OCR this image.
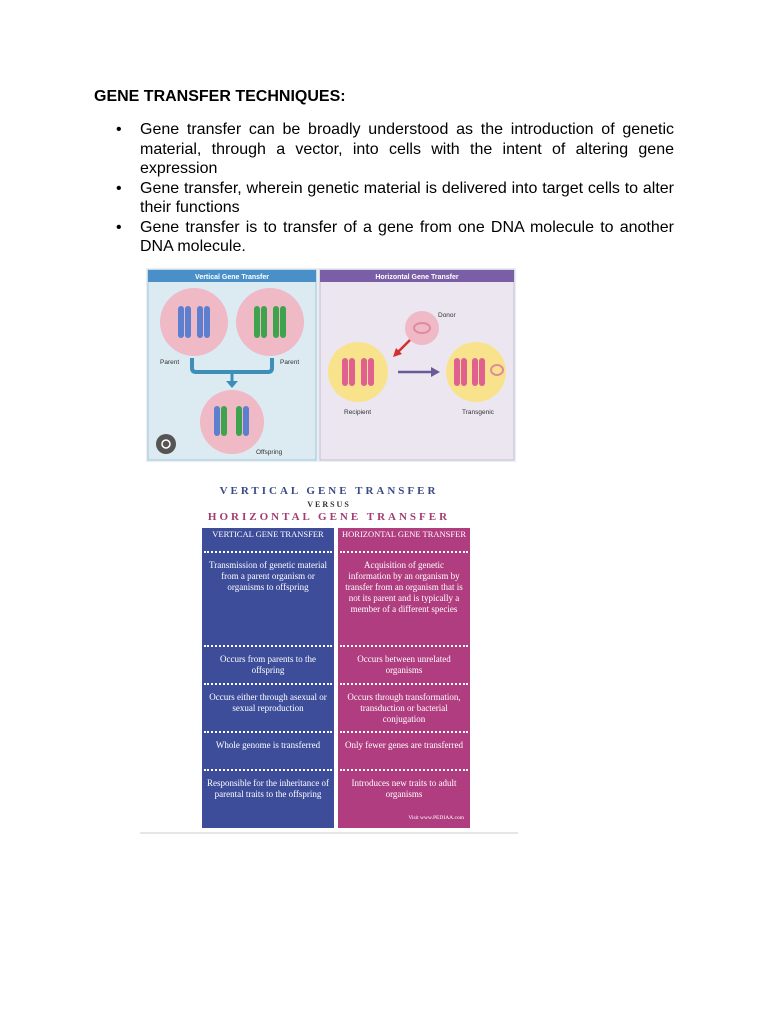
GENE TRANSFER TECHNIQUES:

• Gene transfer can be broadly understood as the introduction of genetic material, through a vector, into cells with the intent of altering gene expression
• Gene transfer, wherein genetic material is delivered into target cells to alter their functions
• Gene transfer is to transfer of a gene from one DNA molecule to another DNA molecule.
Vertical Gene Transfer
Parent	Parent
Offspring
Horizontal Gene Transfer
Donor
Recipient	Transgenic

VERTICAL GENE TRANSFER

VERSUS

HORIZONTAL GENE TRANSFER

VERTICAL GENE TRANSFER
Transmission of genetic material from a parent organism or organisms to offspring
Occurs from parents to the offspring
Occurs either through asexual or sexual reproduction
Whole genome is transferred
Responsible for the inheritance of parental traits to the offspring
HORIZONTAL GENE TRANSFER
Acquisition of genetic information by an organism by transfer from an organism that is not its parent and is typically a member of a different species
Occurs between unrelated organisms
Occurs through transformation, transduction or bacterial conjugation
Only fewer genes are transferred
Introduces new traits to adult organisms
Visit www.PEDIAA.com
